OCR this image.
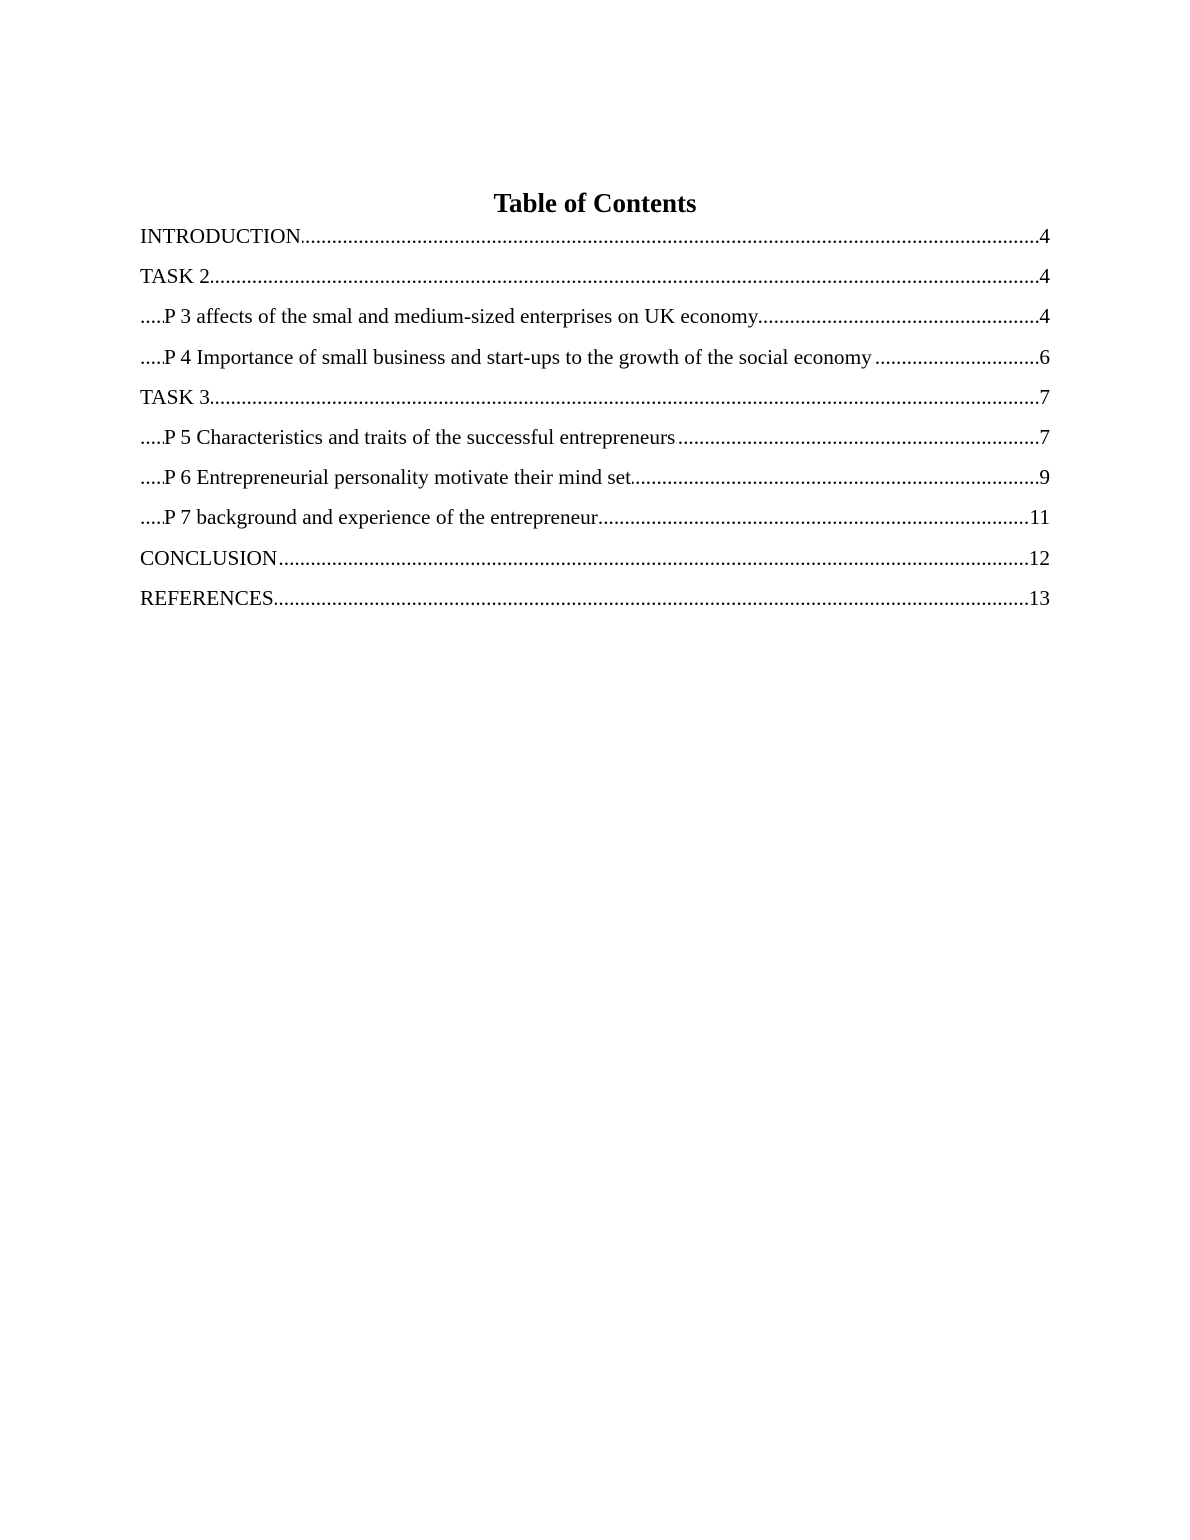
Table of Contents
.....
INTRODUCTION	4
.....
TASK 2	4
.....
P 3 affects of the smal and medium-sized enterprises on UK economy	4
.....
P 4 Importance of small business and start-ups to the growth of the social economy	6
.....
TASK 3	7
.....
P 5 Characteristics and traits of the successful entrepreneurs	7
.....
P 6 Entrepreneurial personality motivate their mind set	9
.....
P 7 background and experience of the entrepreneur	11
.....
CONCLUSION	12
.....
REFERENCES	13
